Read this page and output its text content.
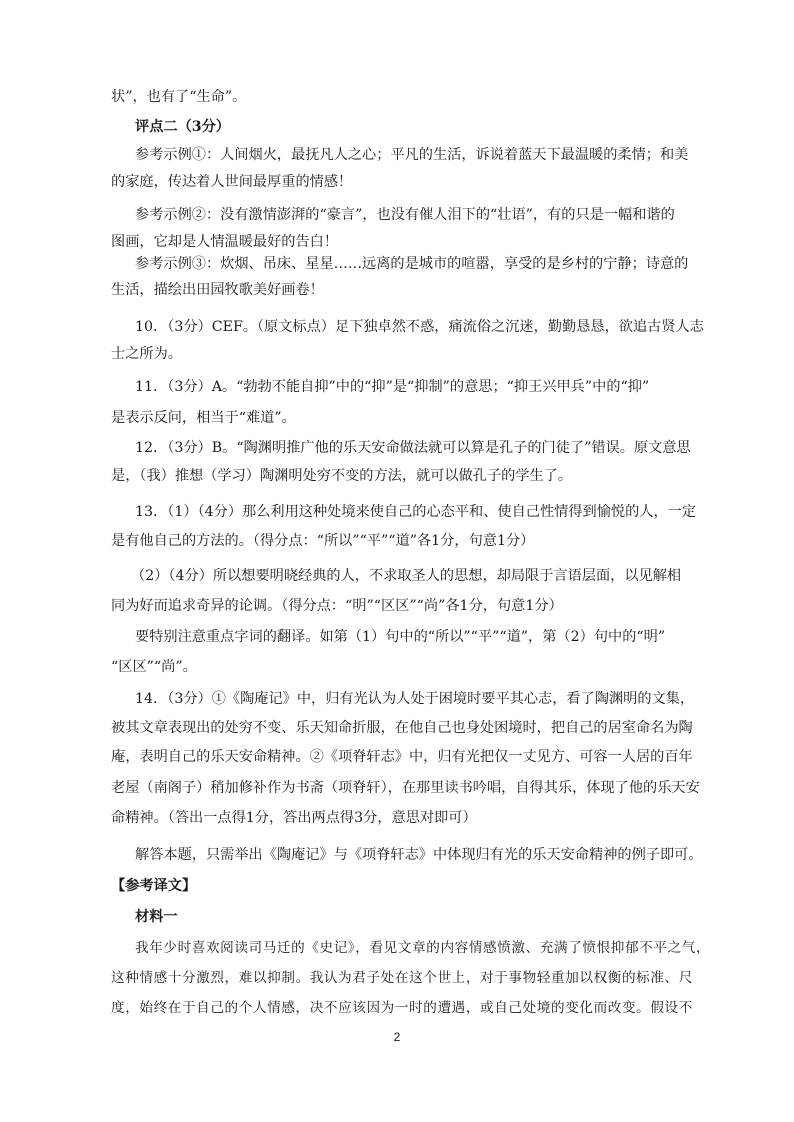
状”，也有了“生命”。
评点二（3分）
参考示例①：人间烟火，最抚凡人之心；平凡的生活，诉说着蓝天下最温暖的柔情；和美
的家庭，传达着人世间最厚重的情感！
参考示例②：没有激情澎湃的“豪言”，也没有催人泪下的“壮语”，有的只是一幅和谐的
图画，它却是人情温暖最好的告白！
参考示例③：炊烟、吊床、星星……远离的是城市的喧嚣，享受的是乡村的宁静；诗意的
生活，描绘出田园牧歌美好画卷！
10．（3分）CEF。（原文标点）足下独卓然不惑，痛流俗之沉迷，勤勤恳恳，欲追古贤人志
士之所为。
11．（3分）A。“勃勃不能自抑”中的“抑”是“抑制”的意思；“抑王兴甲兵”中的“抑”
是表示反问，相当于“难道”。
12．（3分）B。“陶渊明推广他的乐天安命做法就可以算是孔子的门徒了”错误。原文意思
是，（我）推想（学习）陶渊明处穷不变的方法，就可以做孔子的学生了。
13．（1）（4分）那么利用这种处境来使自己的心态平和、使自己性情得到愉悦的人，一定
是有他自己的方法的。（得分点：“所以”“平”“道”各1分，句意1分）
（2）（4分）所以想要明晓经典的人，不求取圣人的思想，却局限于言语层面，以见解相
同为好而追求奇异的论调。（得分点：“明”“区区”“尚”各1分，句意1分）
要特别注意重点字词的翻译。如第（1）句中的“所以”“平”“道”，第（2）句中的“明”
“区区”“尚”。
14．（3分）①《陶庵记》中，归有光认为人处于困境时要平其心志，看了陶渊明的文集，
被其文章表现出的处穷不变、乐天知命折服，在他自己也身处困境时，把自己的居室命名为陶
庵，表明自己的乐天安命精神。②《项脊轩志》中，归有光把仅一丈见方、可容一人居的百年
老屋（南阁子）稍加修补作为书斋（项脊轩），在那里读书吟唱，自得其乐，体现了他的乐天安
命精神。（答出一点得1分，答出两点得3分，意思对即可）
解答本题，只需举出《陶庵记》与《项脊轩志》中体现归有光的乐天安命精神的例子即可。
【参考译文】
材料一
我年少时喜欢阅读司马迁的《史记》，看见文章的内容情感愤激、充满了愤恨抑郁不平之气，
这种情感十分激烈，难以抑制。我认为君子处在这个世上，对于事物轻重加以权衡的标准、尺
度，始终在于自己的个人情感，决不应该因为一时的遭遇，或自己处境的变化而改变。假设不
2
